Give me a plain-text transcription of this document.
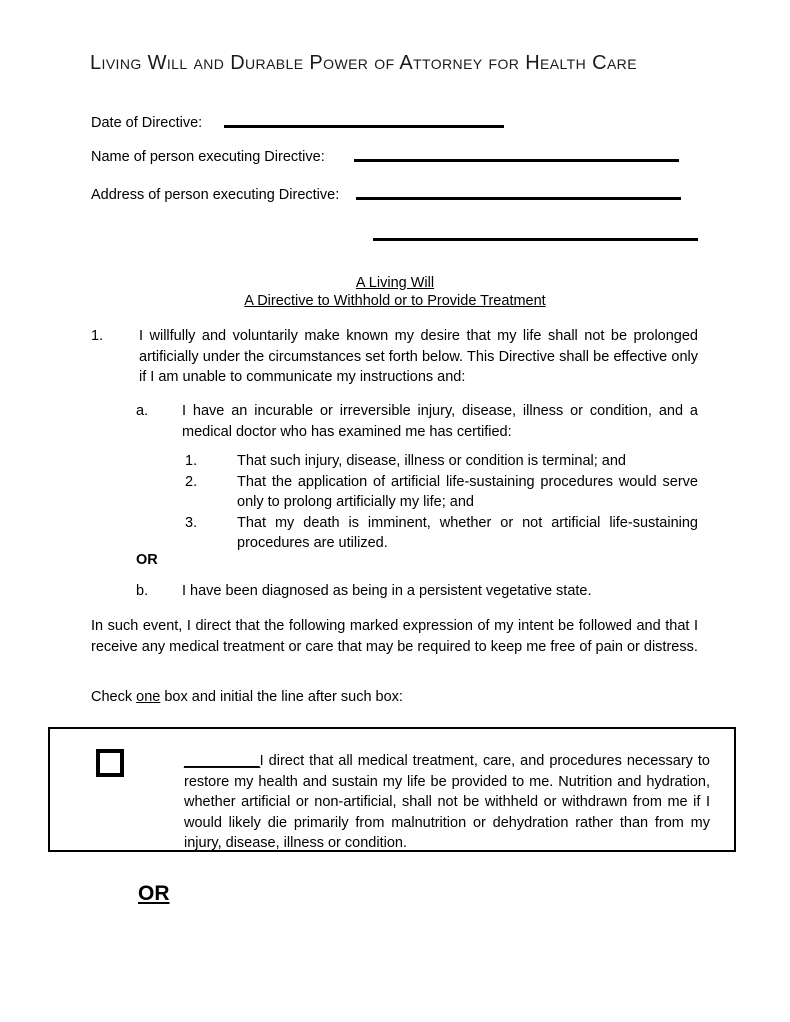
Living Will and Durable Power of Attorney for Health Care
Date of Directive:
Name of person executing Directive:
Address of person executing Directive:
A Living Will
A Directive to Withhold or to Provide Treatment
1.	I willfully and voluntarily make known my desire that my life shall not be prolonged artificially under the circumstances set forth below. This Directive shall be effective only if I am unable to communicate my instructions and:
a.	I have an incurable or irreversible injury, disease, illness or condition, and a medical doctor who has examined me has certified:
1.	That such injury, disease, illness or condition is terminal; and
2.	That the application of artificial life-sustaining procedures would serve only to prolong artificially my life; and
3.	That my death is imminent, whether or not artificial life-sustaining procedures are utilized.
OR
b.	I have been diagnosed as being in a persistent vegetative state.
In such event, I direct that the following marked expression of my intent be followed and that I receive any medical treatment or care that may be required to keep me free of pain or distress.
Check one box and initial the line after such box:
__________I direct that all medical treatment, care, and procedures necessary to restore my health and sustain my life be provided to me. Nutrition and hydration, whether artificial or non-artificial, shall not be withheld or withdrawn from me if I would likely die primarily from malnutrition or dehydration rather than from my injury, disease, illness or condition.
OR
